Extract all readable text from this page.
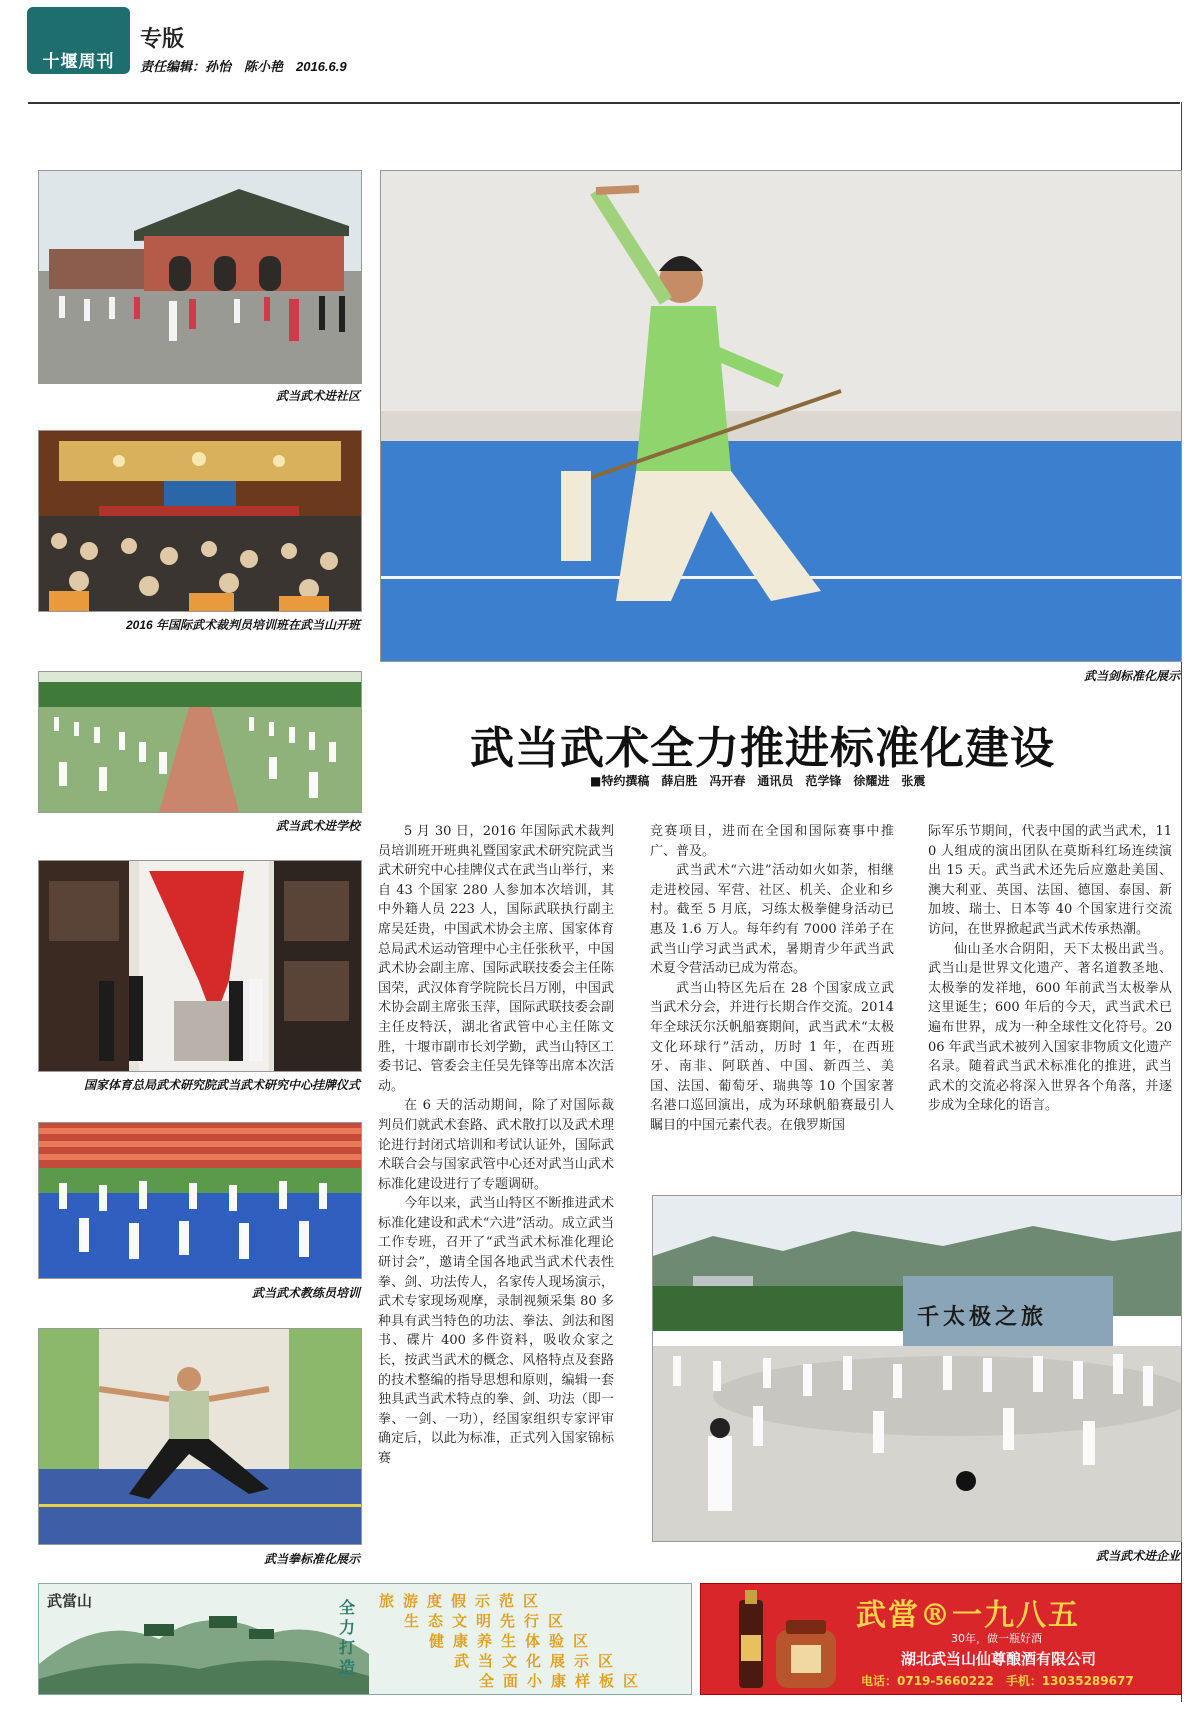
十堰周刊
专版
责任编辑：孙怡　陈小艳　2016.6.9
武当武术进社区
2016 年国际武术裁判员培训班在武当山开班
武当武术进学校
国家体育总局武术研究院武当武术研究中心挂牌仪式
武当武术教练员培训
武当拳标准化展示
武当剑标准化展示
武当武术全力推进标准化建设
■特约撰稿　薛启胜　冯开春　通讯员　范学锋　徐耀进　张震

5 月 30 日，2016 年国际武术裁判员培训班开班典礼暨国家武术研究院武当武术研究中心挂牌仪式在武当山举行，来自 43 个国家 280 人参加本次培训，其中外籍人员 223 人，国际武联执行副主席吴廷贵，中国武术协会主席、国家体育总局武术运动管理中心主任张秋平，中国武术协会副主席、国际武联技委会主任陈国荣，武汉体育学院院长吕万刚，中国武术协会副主席张玉萍，国际武联技委会副主任皮特沃，湖北省武管中心主任陈文胜，十堰市副市长刘学勤，武当山特区工委书记、管委会主任吴先锋等出席本次活动。

在 6 天的活动期间，除了对国际裁判员们就武术套路、武术散打以及武术理论进行封闭式培训和考试认证外，国际武术联合会与国家武管中心还对武当山武术标准化建设进行了专题调研。

今年以来，武当山特区不断推进武术标准化建设和武术“六进”活动。成立武当工作专班，召开了“武当武术标准化理论研讨会”，邀请全国各地武当武术代表性拳、剑、功法传人，名家传人现场演示，武术专家现场观摩，录制视频采集 80 多种具有武当特色的功法、拳法、剑法和图书、碟片 400 多件资料，吸收众家之长，按武当武术的概念、风格特点及套路的技术整编的指导思想和原则，编辑一套独具武当武术特点的拳、剑、功法（即一拳、一剑、一功），经国家组织专家评审确定后，以此为标准，正式列入国家锦标赛

竞赛项目，进而在全国和国际赛事中推广、普及。

武当武术“六进”活动如火如荼，相继走进校园、军营、社区、机关、企业和乡村。截至 5 月底，习练太极拳健身活动已惠及 1.6 万人。每年约有 7000 洋弟子在武当山学习武当武术，暑期青少年武当武术夏令营活动已成为常态。

武当山特区先后在 28 个国家成立武当武术分会，并进行长期合作交流。2014 年全球沃尔沃帆船赛期间，武当武术“太极文化环球行”活动，历时 1 年，在西班牙、南非、阿联酋、中国、新西兰、美国、法国、葡萄牙、瑞典等 10 个国家著名港口巡回演出，成为环球帆船赛最引人瞩目的中国元素代表。在俄罗斯国

际军乐节期间，代表中国的武当武术，110 人组成的演出团队在莫斯科红场连续演出 15 天。武当武术还先后应邀赴美国、澳大利亚、英国、法国、德国、泰国、新加坡、瑞士、日本等 40 个国家进行交流访问，在世界掀起武当武术传承热潮。

仙山圣水合阴阳，天下太极出武当。武当山是世界文化遗产、著名道教圣地、太极拳的发祥地，600 年前武当太极拳从这里诞生；600 年后的今天，武当武术已遍布世界，成为一种全球性文化符号。2006 年武当武术被列入国家非物质文化遗产名录。随着武当武术标准化的推进，武当武术的交流必将深入世界各个角落，并逐步成为全球化的语言。

千太极之旅
武当武术进企业
武當山	全力打造
旅游度假示范区
生态文明先行区
健康养生体验区
武当文化展示区
全面小康样板区
武當®一九八五
30年，做一瓶好酒
湖北武当山仙尊酿酒有限公司
电话：0719-5660222　手机：13035289677
